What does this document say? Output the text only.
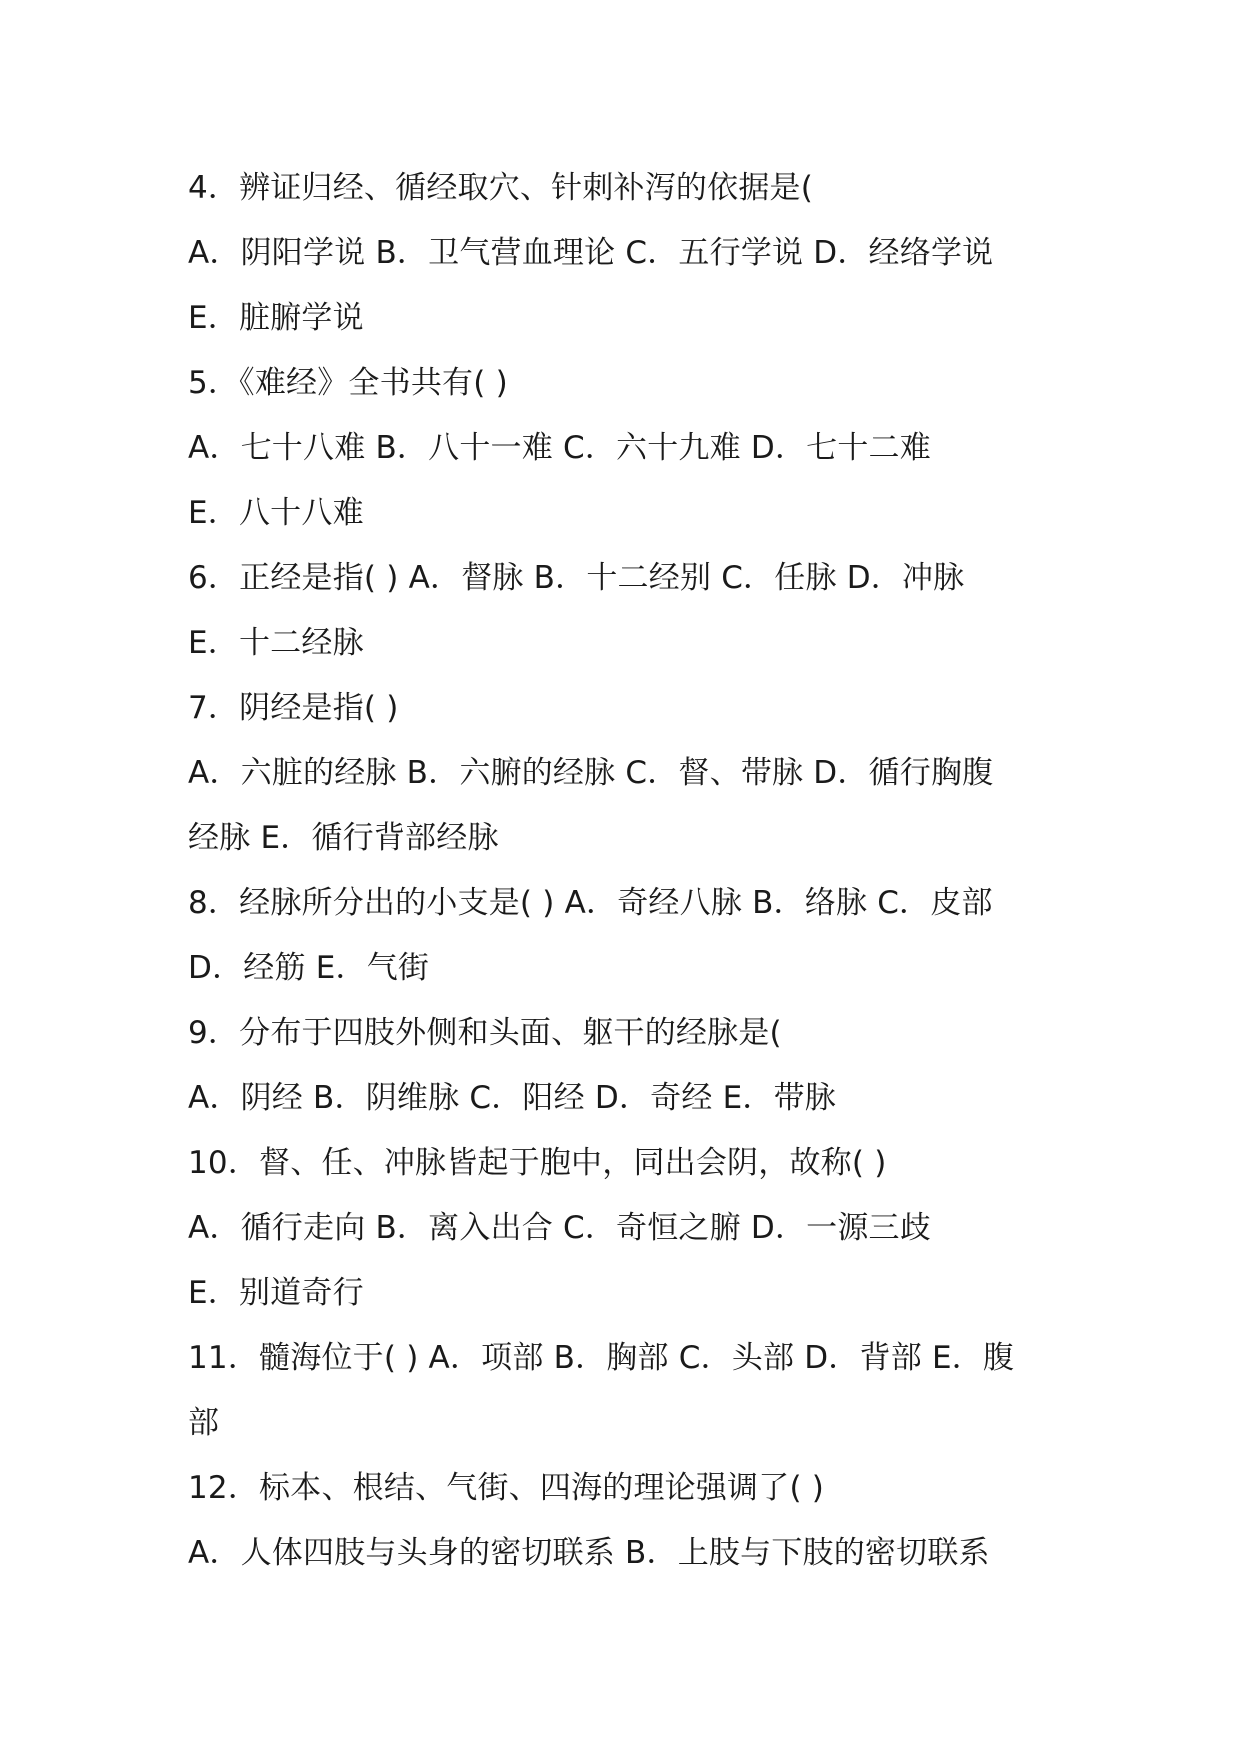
4．辨证归经、循经取穴、针刺补泻的依据是(
A．阴阳学说 B．卫气营血理论 C．五行学说 D．经络学说
E．脏腑学说
5．《难经》全书共有( )
A．七十八难 B．八十一难 C．六十九难 D．七十二难
E．八十八难
6．正经是指( ) A．督脉 B．十二经别 C．任脉 D．冲脉
E．十二经脉
7．阴经是指( )
A．六脏的经脉 B．六腑的经脉 C．督、带脉 D．循行胸腹
经脉 E．循行背部经脉
8．经脉所分出的小支是( ) A．奇经八脉 B．络脉 C．皮部
D．经筋 E．气街
9．分布于四肢外侧和头面、躯干的经脉是(
A．阴经 B．阴维脉 C．阳经 D．奇经 E．带脉
10．督、任、冲脉皆起于胞中，同出会阴，故称( )
A．循行走向 B．离入出合 C．奇恒之腑 D．一源三歧
E．别道奇行
11．髓海位于( ) A．项部 B．胸部 C．头部 D．背部 E．腹
部
12．标本、根结、气街、四海的理论强调了( )
A．人体四肢与头身的密切联系 B．上肢与下肢的密切联系
